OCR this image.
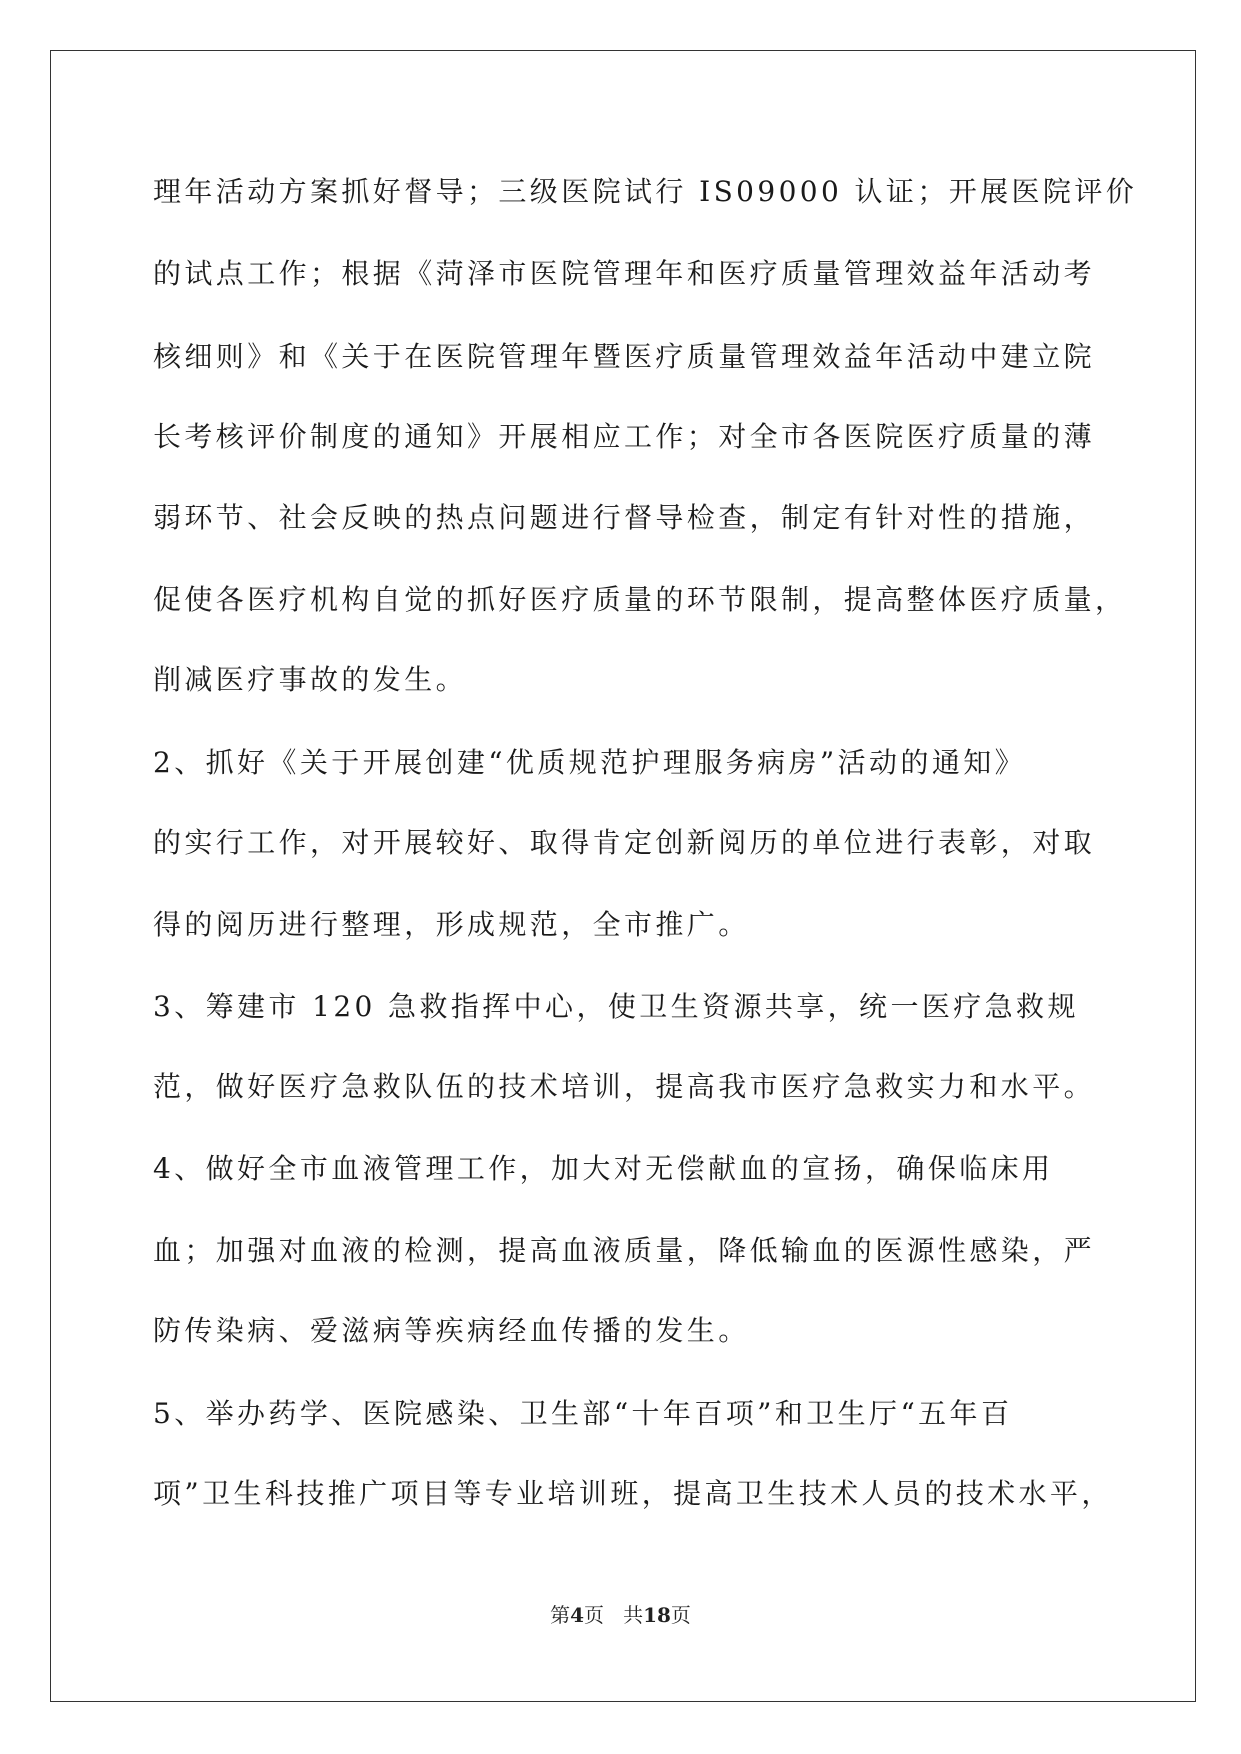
理年活动方案抓好督导；三级医院试行 IS09000 认证；开展医院评价
的试点工作；根据《菏泽市医院管理年和医疗质量管理效益年活动考
核细则》和《关于在医院管理年暨医疗质量管理效益年活动中建立院
长考核评价制度的通知》开展相应工作；对全市各医院医疗质量的薄
弱环节、社会反映的热点问题进行督导检查，制定有针对性的措施，
促使各医疗机构自觉的抓好医疗质量的环节限制，提高整体医疗质量，
削减医疗事故的发生。
2、抓好《关于开展创建“优质规范护理服务病房”活动的通知》
的实行工作，对开展较好、取得肯定创新阅历的单位进行表彰，对取
得的阅历进行整理，形成规范，全市推广。
3、筹建市 120 急救指挥中心，使卫生资源共享，统一医疗急救规
范，做好医疗急救队伍的技术培训，提高我市医疗急救实力和水平。
4、做好全市血液管理工作，加大对无偿献血的宣扬，确保临床用
血；加强对血液的检测，提高血液质量，降低输血的医源性感染，严
防传染病、爱滋病等疾病经血传播的发生。
5、举办药学、医院感染、卫生部“十年百项”和卫生厅“五年百
项”卫生科技推广项目等专业培训班，提高卫生技术人员的技术水平，
第4页 共18页
